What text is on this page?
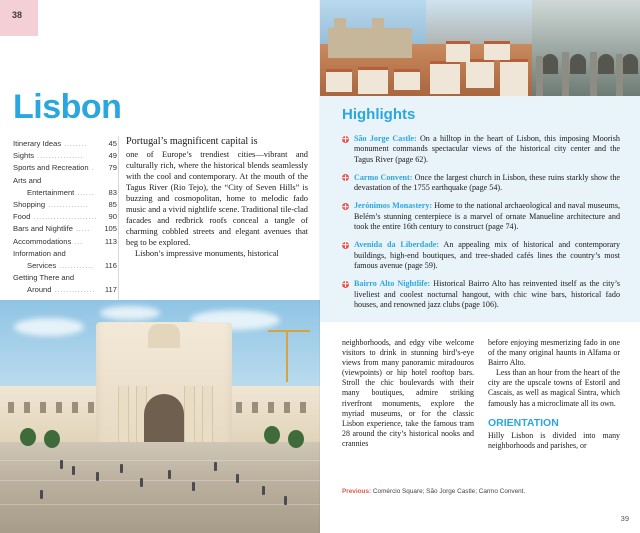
38
Lisbon
45
Itinerary Ideas ........
49
Sights ................
79
Sports and Recreation .
Arts and
83
Entertainment ......
85
Shopping ..............
90
Food ......................
105
Bars and Nightlife .....
113
Accommodations ...
Information and
116
Services ............
Getting There and
117
Around ..............

Portugal’s magnificent capital is

one of Europe’s trendiest cities—vibrant and culturally rich, where the historical blends seamlessly with the cool and contemporary. At the mouth of the Tagus River (Rio Tejo), the “City of Seven Hills” is buzzing and cosmopolitan, home to melodic fado music and a vivid nightlife scene. Traditional tile-clad facades and redbrick roofs conceal a tangle of charming cobbled streets and elegant avenues that beg to be explored.

Lisbon’s impressive monuments, historical

Highlights
São Jorge Castle: On a hilltop in the heart of Lisbon, this imposing Moorish monument commands spectacular views of the historical city center and the Tagus River (page 62).
Carmo Convent: Once the largest church in Lisbon, these ruins starkly show the devastation of the 1755 earthquake (page 54).
Jerónimos Monastery: Home to the national archaeological and naval museums, Belém’s stunning centerpiece is a marvel of ornate Manueline architecture and took the entire 16th century to construct (page 74).
Avenida da Liberdade: An appealing mix of historical and contemporary buildings, high-end boutiques, and tree-shaded cafés lines the country’s most famous avenue (page 59).
Bairro Alto Nightlife: Historical Bairro Alto has reinvented itself as the city’s liveliest and coolest nocturnal hangout, with chic wine bars, historical fado houses, and renowned jazz clubs (page 106).

neighborhoods, and edgy vibe welcome visitors to drink in stunning bird’s-eye views from many panoramic miradouros (viewpoints) or hip hotel rooftop bars. Stroll the chic boulevards with their many boutiques, admire striking riverfront monuments, explore the myriad museums, or for the classic Lisbon experience, take the famous tram 28 around the city’s historical nooks and crannies

before enjoying mesmerizing fado in one of the many original haunts in Alfama or Bairro Alto.

Less than an hour from the heart of the city are the upscale towns of Estoril and Cascais, as well as magical Sintra, which famously has a microclimate all its own.

ORIENTATION

Hilly Lisbon is divided into many neighborhoods and parishes, or

Previous: Comércio Square; São Jorge Castle; Carmo Convent.
39
